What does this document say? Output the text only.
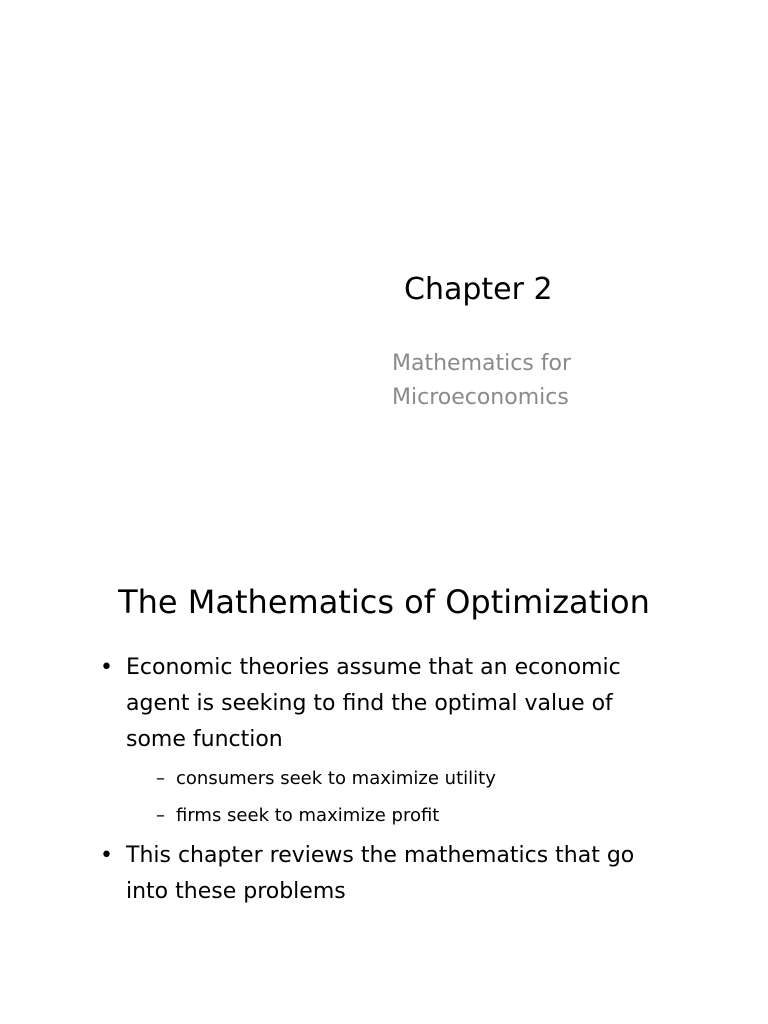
Chapter 2

Mathematics for

Microeconomics

The Mathematics of Optimization
• Economic theories assume that an economic
agent is seeking to find the optimal value of
some function
– consumers seek to maximize utility
– firms seek to maximize profit
• This chapter reviews the mathematics that go
into these problems
